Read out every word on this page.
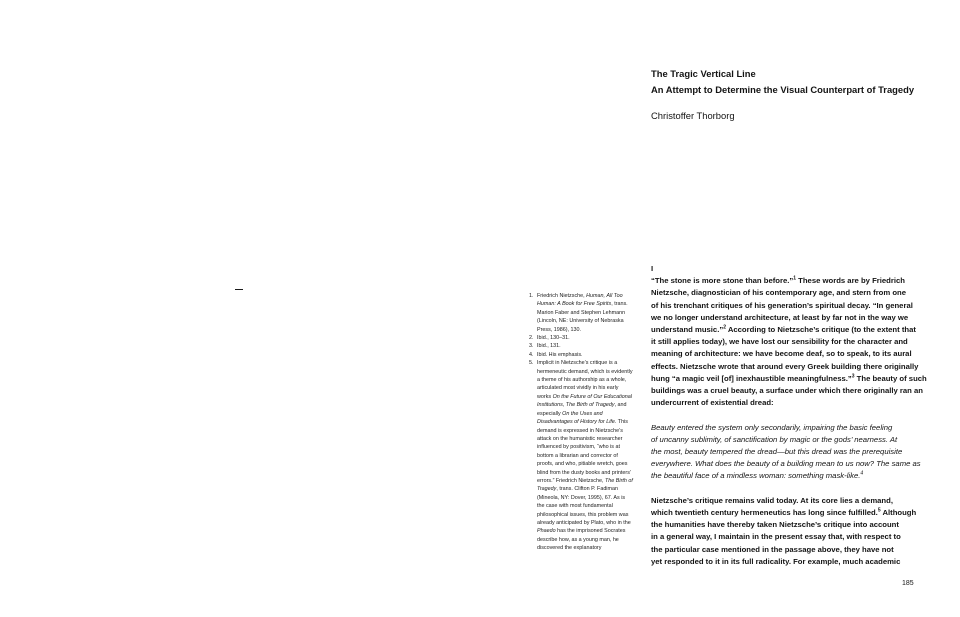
The Tragic Vertical Line
An Attempt to Determine the Visual Counterpart of Tragedy
Christoffer Thorborg
1. Friedrich Nietzsche, Human, All Too Human: A Book for Free Spirits, trans. Marion Faber and Stephen Lehmann (Lincoln, NE: University of Nebraska Press, 1986), 130.
2. Ibid., 130–31.
3. Ibid., 131.
4. Ibid. His emphasis.
5. Implicit in Nietzsche’s critique is a hermeneutic demand, which is evidently a theme of his authorship as a whole, articulated most vividly in his early works On the Future of Our Educational Institutions, The Birth of Tragedy, and especially On the Uses and Disadvantages of History for Life. This demand is expressed in Nietzsche’s attack on the humanistic researcher influenced by positivism, “who is at bottom a librarian and corrector of proofs, and who, pitiable wretch, goes blind from the dusty books and printers’ errors.” Friedrich Nietzsche, The Birth of Tragedy, trans. Clifton P. Fadiman (Mineola, NY: Dover, 1995), 67. As is the case with most fundamental philosophical issues, this problem was already anticipated by Plato, who in the Phaedo has the imprisoned Socrates describe how, as a young man, he discovered the explanatory
I

“The stone is more stone than before.”$^1$ These words are by Friedrich
Nietzsche, diagnostician of his contemporary age, and stern from one
of his trenchant critiques of his generation’s spiritual decay. “In general
we no longer understand architecture, at least by far not in the way we
understand music.”$^2$ According to Nietzsche’s critique (to the extent that
it still applies today), we have lost our sensibility for the character and
meaning of architecture: we have become deaf, so to speak, to its aural
effects. Nietzsche wrote that around every Greek building there originally
hung “a magic veil [of] inexhaustible meaningfulness.”$^3$ The beauty of such
buildings was a cruel beauty, a surface under which there originally ran an
undercurrent of existential dread:

Beauty entered the system only secondarily, impairing the basic feeling
of uncanny sublimity, of sanctification by magic or the gods’ nearness. At
the most, beauty tempered the dread—but this dread was the prerequisite
everywhere. What does the beauty of a building mean to us now? The same as
the beautiful face of a mindless woman: something mask-like.$^4$

Nietzsche’s critique remains valid today. At its core lies a demand,
which twentieth century hermeneutics has long since fulfilled.$^5$ Although
the humanities have thereby taken Nietzsche’s critique into account
in a general way, I maintain in the present essay that, with respect to
the particular case mentioned in the passage above, they have not
yet responded to it in its full radicality. For example, much academic

185
